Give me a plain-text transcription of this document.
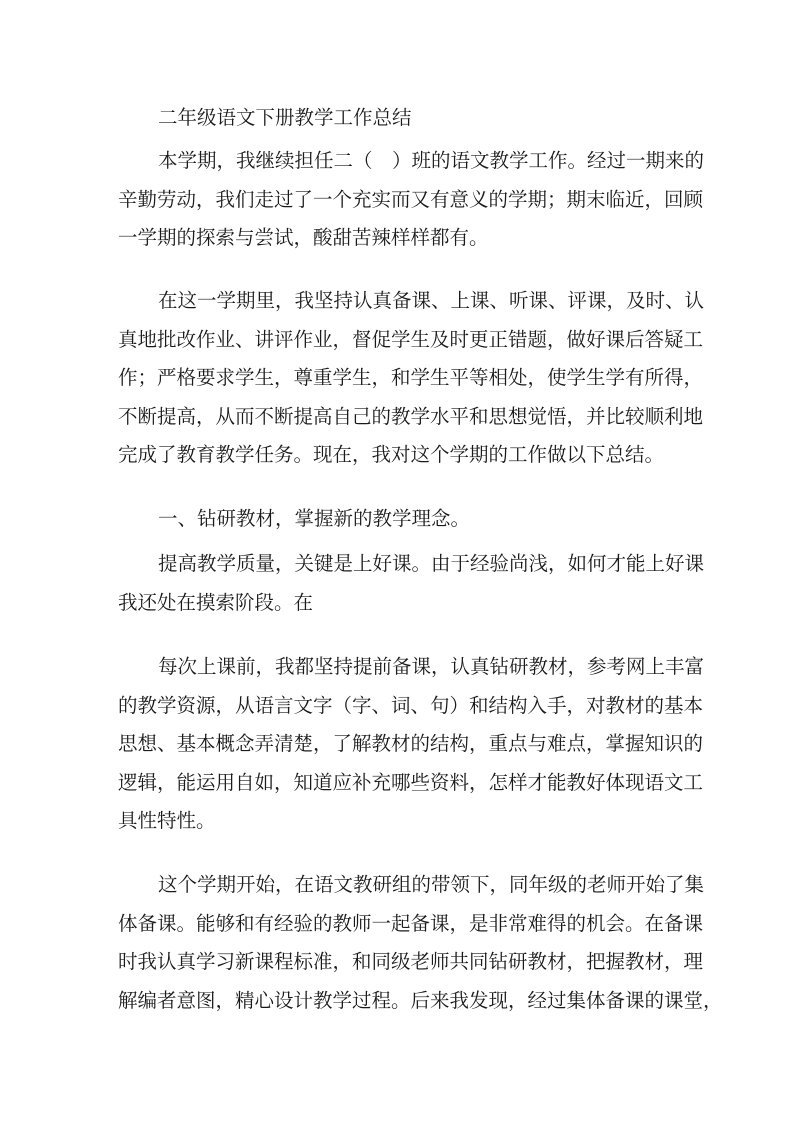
二年级语文下册教学工作总结
本学期，我继续担任二（　）班的语文教学工作。经过一期来的
辛勤劳动，我们走过了一个充实而又有意义的学期；期末临近，回顾
一学期的探索与尝试，酸甜苦辣样样都有。
在这一学期里，我坚持认真备课、上课、听课、评课，及时、认
真地批改作业、讲评作业，督促学生及时更正错题，做好课后答疑工
作；严格要求学生，尊重学生，和学生平等相处，使学生学有所得，
不断提高，从而不断提高自己的教学水平和思想觉悟，并比较顺利地
完成了教育教学任务。现在，我对这个学期的工作做以下总结。
一、钻研教材，掌握新的教学理念。
提高教学质量，关键是上好课。由于经验尚浅，如何才能上好课
我还处在摸索阶段。在
每次上课前，我都坚持提前备课，认真钻研教材，参考网上丰富
的教学资源，从语言文字（字、词、句）和结构入手，对教材的基本
思想、基本概念弄清楚，了解教材的结构，重点与难点，掌握知识的
逻辑，能运用自如，知道应补充哪些资料，怎样才能教好体现语文工
具性特性。
这个学期开始，在语文教研组的带领下，同年级的老师开始了集
体备课。能够和有经验的教师一起备课，是非常难得的机会。在备课
时我认真学习新课程标准，和同级老师共同钻研教材，把握教材，理
解编者意图，精心设计教学过程。后来我发现，经过集体备课的课堂，
